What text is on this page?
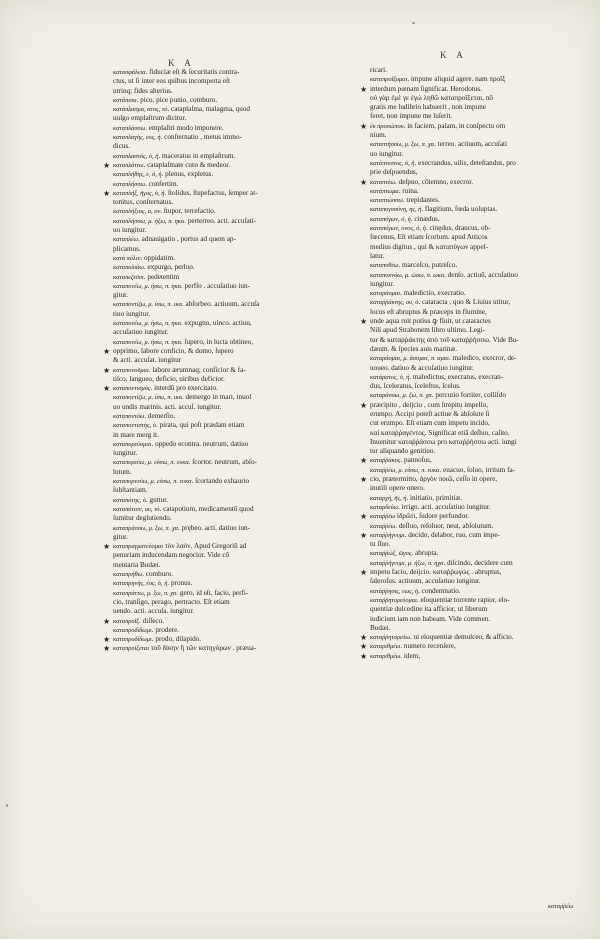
K A
K A

κατασφάλεια. fiduciæ eſt & ſecuritatis contra-

ctus, ut ſi inter eos quibus incomperta eſt

utrinq; fides alterius.

κατάπισα. pico, pice punio, comburo.

κατάπλασμα, ατος, τό. cataplaſma, malagma, quod

uulgo emplaſtrum dicitur.

καταπλάσσω. emplaſtri modo imponere.

καταπλαγὴς, εος, ἡ. conſternatio , metus immo-

dicus.

καταπλαστός, ὁ, ἡ. maceratus in emplaſtrum.

★ καταπλάττω. cataplaſmate curo & medeor.

καταπλήθης, ε, ὁ, ἡ. plenus, expletus.

καταπλήσσω. confertim.

★ καταπλήξ, ῆγος, ὁ, ἡ. ſtolidus, ſtupefactus, ſemper at-

tonitus, conſternatus.

καταπλήξιος, α, ον. ſtupor, terrefactio.

καταπλήσσω, μ. ήξω, π. ηκα. perterreo. acti. accuſati-

uo iungitur.

καταπλέω. adnauigatio , portus ad quem ap-

plicamus.

κατὰ πόλιν. oppidatim.

καταπολιάω. expurgo, perluo.

καταπεζεῦσι. pedetentim

καταπονέω, μ. ήσω, π. ηκα. perfſo . accuſatiuo iun-

gitur.

καταποντίζω, μ. ίσω, π. ικα. abſorbeo. actiuum, accuſa

tiuo iungitur.

καταπονέω, μ. ήσω, π. ηκα. expugno, uinco. actiuu,

accuſatiuo iungitur.

καταπονέω, μ. ήσω, π. ηκα. ſupero, in lucta obtineo,

★ opprimo, labore conficio, & domo, ſupero

& acti. accuſat. iungitur

★ καταπονοῦμαι. labore ærumnaq; conficior & fa-

tiſco, langueo, deficio, uiribus deficior.

★ καταποντισμὸς. interdū pro exercitato.

καταποντίζω, μ. ίσω, π. ικα. demergo in mari, inuol

uo undis marinis. acti. accuſ. iungitur.

καταποντόω. demerſio.

καταποντιστὴς, ὁ. pirata, qui poſt prædam etiam

in mare merg it.

καταπορεύομαι. oppedo econtra. neutrum, datiuo

iungitur.

καταπορεύω, μ. εύσω, π. ευκα. ſcortor. neutrum, abſo-

lutum.

καταπορνεύω, μ. εύσω, π. ευκα. ſcortando exhaurio

ſubſtantiam.

καταπότης, ὁ. guttur.

καταπότιον, ου, τό. catapotium, medicamentū quod

ſumitur deglutiendo.

καταπράσσω, μ. ξω, π. χα. prębeo. acti. datiuo iun-

gitur.

★ καταπραγματεύομαι τὸν λαόν. Apud Gregoriū ad

penuriam inducendam negocior. Vide cō

mentaria Budæi.

καταπρήθω. comburo.

καταπρηνής, έος, ὁ, ἡ. pronus.

καταπράττω, μ. ξω, π. χα. gero, id eſt, facio, perfi-

cio, tranſigo, perago, pertracto. Eſt etiam

uendo. acti. accuſa. iungitur.

★ καταπροΐξ. diſſeco.

καταπροδίδωμι. prodere.

★ καταπροδίδωμι. prodo, dilapido.

★ καταπροίξεται τοῦ δίκην ἢ τῶν κατηγόρων . præua-

ricari.

καταπροΐξομαι. impune aliquid agere. nam προΐξ

★ interdum pœnam ſignificat. Herodotus.

οὐ γὰρ ἐμὲ γε ἐγὼ ληθῶ καταπροΐξεται, nō

gratis me ludibrio habuerit , non impune

feret, non impune me luſerit.

★ ἐκ προσώπου. in faciem, palam, in conſpectu om

nium.

καταπτήσσω, μ. ξω, π. χα. terreo. actiuum, accuſati

uo iungitur.

κατάπτυστος, ὁ, ἡ. execrandus, uilis, deteſtandus, pro

prie deſpuendus,

★ καταπτύω. deſpuo, cōtemno, execror.

κατάπτωμα. ruina.

καταπτώσσω. trepidantes.

καταπυγοσύνη, ης, ἡ. flagitium, fœda uoluptas.

καταπύγων, ὁ, ἡ. cinædus.

καταπύγων, ονος, ὁ, ἡ. cinędus, draucus, ob-

fœcenus, Eſt etiam ſcortum. apud Atticos

medius digitus , qui & καταπύγων appel-

latur.

καταπυθέω. marceſco, putreſco.

καταπυκνόω, μ. ώσω, π. ωκα. denſo. actiuū, accuſatiuo

iungitur.

καταράομαι. maledictio, execratio.

καταῤῥάκτης, ου, ὁ. cataracta , quo & Liuius utitur,

locus eſt abruptus & præceps in flumine,

★ unde aqua ruit potius ꝙ fluit, ut cataractes

Nili apud Strabonem libro ultimo. Legi-

tur & καταῤῥάκτης ἀπὸ τοῦ καταῤῥήσσω. Vide Bu-

dæum. & ſpecies auis marinæ.

καταράομαι, μ. άσομαι, π. αμαι. maledico, execror, de-

uoueo. datiuo & accuſatiuo iungitur.

κατάρατος, ὁ, ἡ. maledictus, execratus, execran-

dus, ſceleratus, ſceleſtus, ſcelus.

καταράσσω, μ. ξω, π. χα. percutio fortiter, colliſdo

★ præcipito , deijcio , cum ſtrepitu impello,

erumpo. Accipi poteſt actiue & abſolute ſi

cut erumpo. Eſt etiam cum impetu incido,

καὶ καταῤῥαγέντος. Significat etiā deſluo, caſito.

Inuenitur καταῤῥάσσω pro καταῤῥήσσω acti. iungi

tur aliquando genitiuo.

★ καταῤῥάκος. pannoſus,

καταῤῥέω, μ. εύσω, π. ευκα. euacuo, ſoluo, irritum fa-

★ cio, prætermitto, ἀργὸν ποιῶ, ceſſo in opere,

inutili opere onero.

καταρχὴ, ῆς, ἡ. initiatio, primitiæ.

καταρδεύω. irrigo. acti. accuſatiuo iungitur.

★ καταῤῥέω ἱδρῶτι, ſudore perfundor.

καταῤῥέω. deſluo, reſoluor, neut, abſolutum.

★ καταῤῥήγνυμι. decido, delabor, ruo, cum impe-

tu ſluo.

καταῤῥώξ, ῶγος. abrupta.

καταῤῥήγνυμι, μ. ήξω, π. ηχα. diſcindo, decidere cum

★ impetu facio, deijcio. καταῤῥωγὼς . abruptus,

ſaleroſus. actiuum, accuſatiuo iungitur.

κατάῤῥησις, εως, ἡ. condemnatio.

καταῤῥητορεύομαι. eloquentiæ torrente rapior, elo-

quentiæ dulcedine ita afficior, ut liberum

iudicium iam non habeam. Vide commen.

Budæi.

★ καταῤῥητορεύω. ui eloquentiæ demulceo, & afficio.

★ καταριθμέω. numero recenſere,

★ καταριθμέω. idem,

καταῤῥέω
